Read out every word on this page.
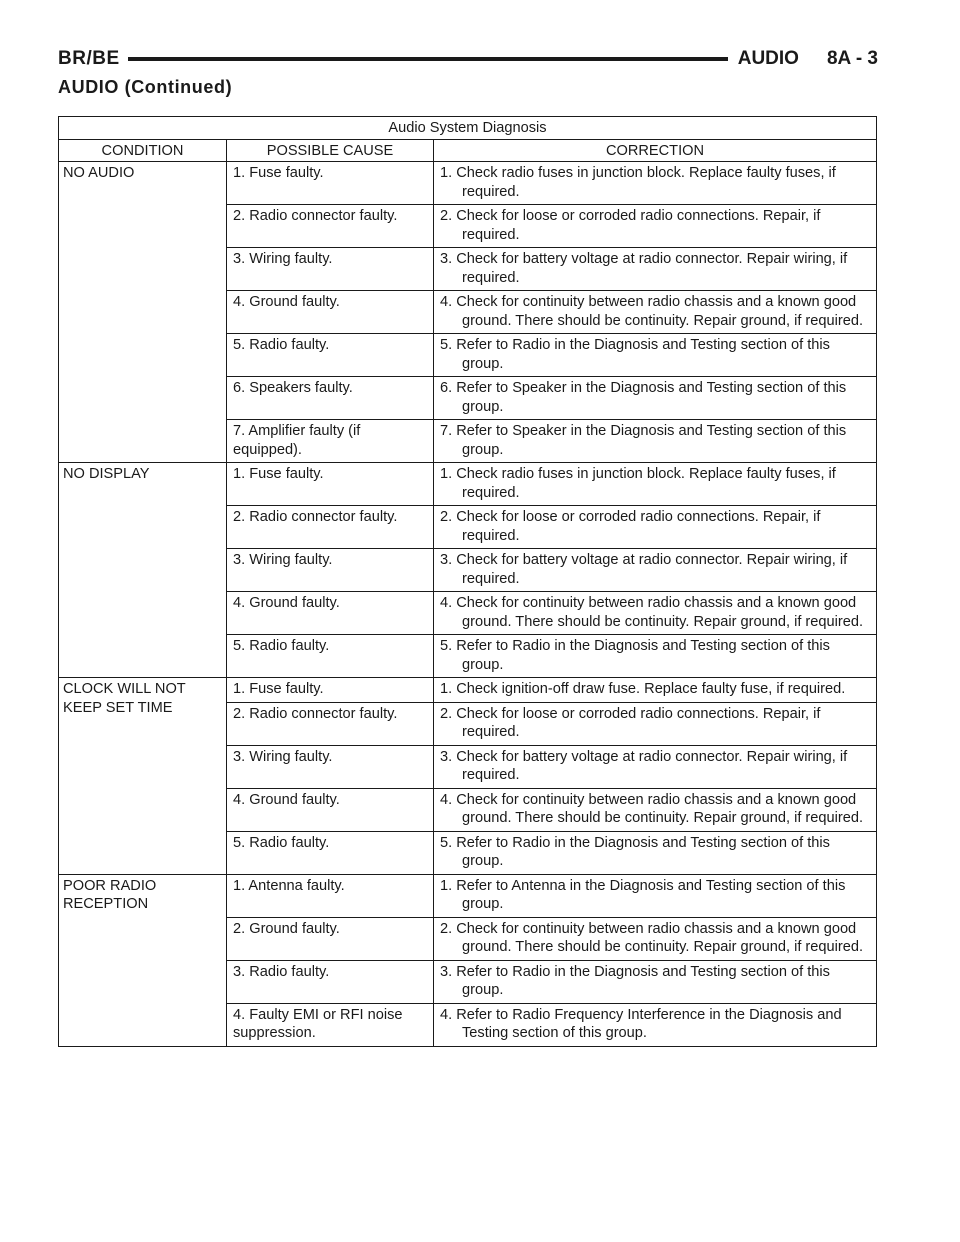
BR/BE	AUDIO 8A - 3
AUDIO (Continued)
Audio System Diagnosis		
CONDITION	POSSIBLE CAUSE	CORRECTION
NO AUDIO	1. Fuse faulty.	1. Check radio fuses in junction block. Replace faulty fuses, if required.

	2. Radio connector faulty.	2. Check for loose or corroded radio connections. Repair, if required.

	3. Wiring faulty.	3. Check for battery voltage at radio connector. Repair wiring, if required.

	4. Ground faulty.	4. Check for continuity between radio chassis and a known good ground. There should be continuity. Repair ground, if required.

	5. Radio faulty.	5. Refer to Radio in the Diagnosis and Testing section of this group.

	6. Speakers faulty.	6. Refer to Speaker in the Diagnosis and Testing section of this group.

	7. Amplifier faulty (if equipped).	7. Refer to Speaker in the Diagnosis and Testing section of this group.

NO DISPLAY	1. Fuse faulty.	1. Check radio fuses in junction block. Replace faulty fuses, if required.

	2. Radio connector faulty.	2. Check for loose or corroded radio connections. Repair, if required.

	3. Wiring faulty.	3. Check for battery voltage at radio connector. Repair wiring, if required.

	4. Ground faulty.	4. Check for continuity between radio chassis and a known good ground. There should be continuity. Repair ground, if required.

	5. Radio faulty.	5. Refer to Radio in the Diagnosis and Testing section of this group.

CLOCK WILL NOT KEEP SET TIME	1. Fuse faulty.	1. Check ignition-off draw fuse. Replace faulty fuse, if required.

	2. Radio connector faulty.	2. Check for loose or corroded radio connections. Repair, if required.

	3. Wiring faulty.	3. Check for battery voltage at radio connector. Repair wiring, if required.

	4. Ground faulty.	4. Check for continuity between radio chassis and a known good ground. There should be continuity. Repair ground, if required.

	5. Radio faulty.	5. Refer to Radio in the Diagnosis and Testing section of this group.

POOR RADIO RECEPTION	1. Antenna faulty.	1. Refer to Antenna in the Diagnosis and Testing section of this group.

	2. Ground faulty.	2. Check for continuity between radio chassis and a known good ground. There should be continuity. Repair ground, if required.

	3. Radio faulty.	3. Refer to Radio in the Diagnosis and Testing section of this group.

	4. Faulty EMI or RFI noise suppression.	4. Refer to Radio Frequency Interference in the Diagnosis and Testing section of this group.
